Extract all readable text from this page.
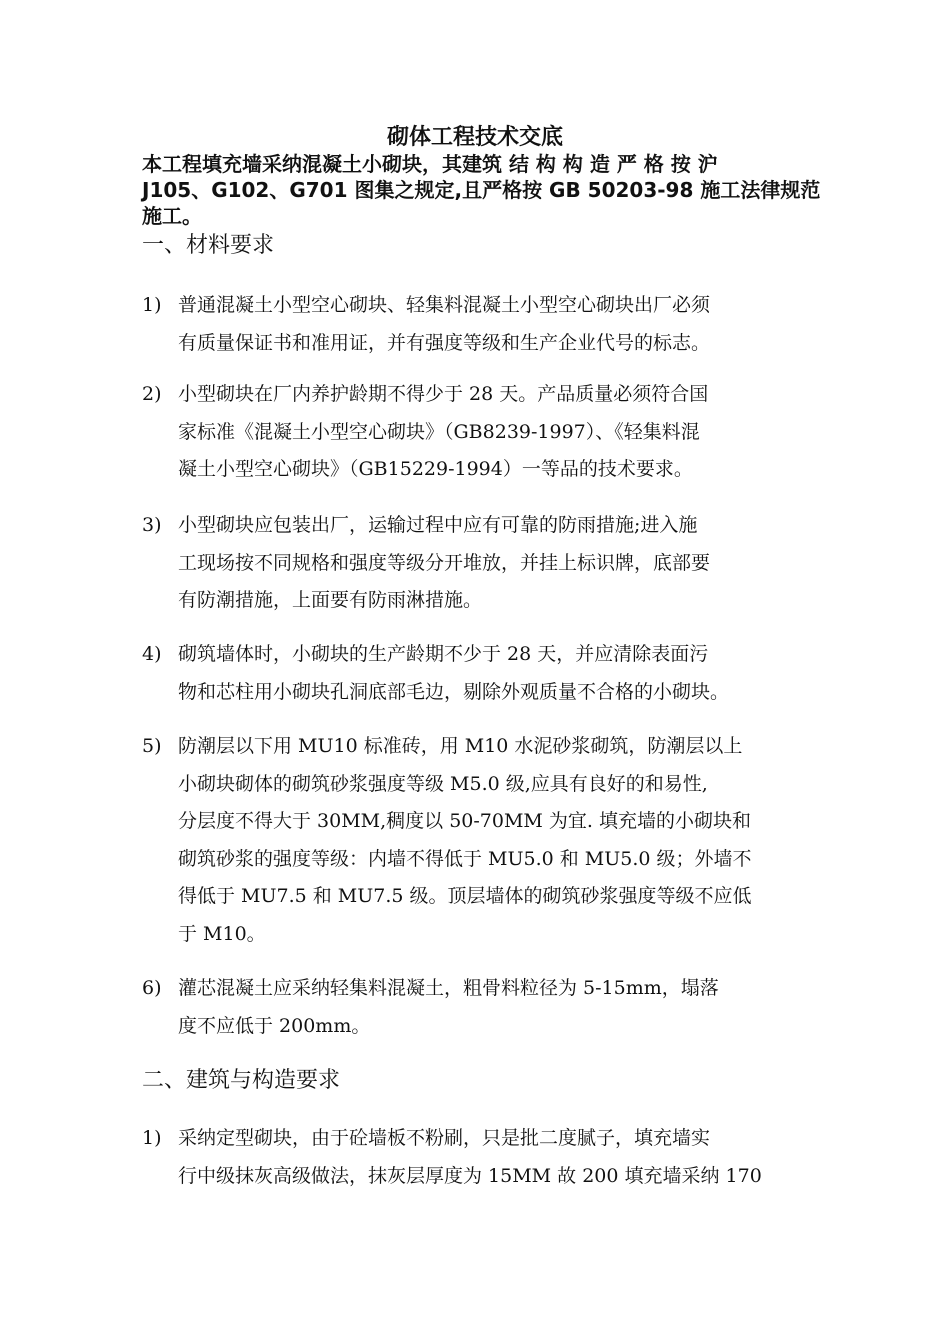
砌体工程技术交底
本工程填充墙采纳混凝土小砌块，其建筑 结 构 构 造 严 格 按 沪
J105、G102、G701 图集之规定,且严格按 GB 50203-98 施工法律规范
施工。
一、材料要求
1) 普通混凝土小型空心砌块、轻集料混凝土小型空心砌块出厂必须
有质量保证书和准用证，并有强度等级和生产企业代号的标志。
2) 小型砌块在厂内养护龄期不得少于 28 天。产品质量必须符合国
家标准《混凝土小型空心砌块》（GB8239-1997）、《轻集料混
凝土小型空心砌块》（GB15229-1994）一等品的技术要求。
3) 小型砌块应包装出厂，运输过程中应有可靠的防雨措施;进入施
工现场按不同规格和强度等级分开堆放，并挂上标识牌，底部要
有防潮措施，上面要有防雨淋措施。
4) 砌筑墙体时，小砌块的生产龄期不少于 28 天，并应清除表面污
物和芯柱用小砌块孔洞底部毛边，剔除外观质量不合格的小砌块。
5) 防潮层以下用 MU10 标准砖，用 M10 水泥砂浆砌筑，防潮层以上
小砌块砌体的砌筑砂浆强度等级 M5.0 级,应具有良好的和易性,
分层度不得大于 30MM,稠度以 50-70MM 为宜. 填充墙的小砌块和
砌筑砂浆的强度等级：内墙不得低于 MU5.0 和 MU5.0 级；外墙不
得低于 MU7.5 和 MU7.5 级。顶层墙体的砌筑砂浆强度等级不应低
于 M10。
6) 灌芯混凝土应采纳轻集料混凝土，粗骨料粒径为 5-15mm，塌落
度不应低于 200mm。
二、建筑与构造要求
1) 采纳定型砌块，由于砼墙板不粉刷，只是批二度腻子，填充墙实
行中级抹灰高级做法，抹灰层厚度为 15MM 故 200 填充墙采纳 170
